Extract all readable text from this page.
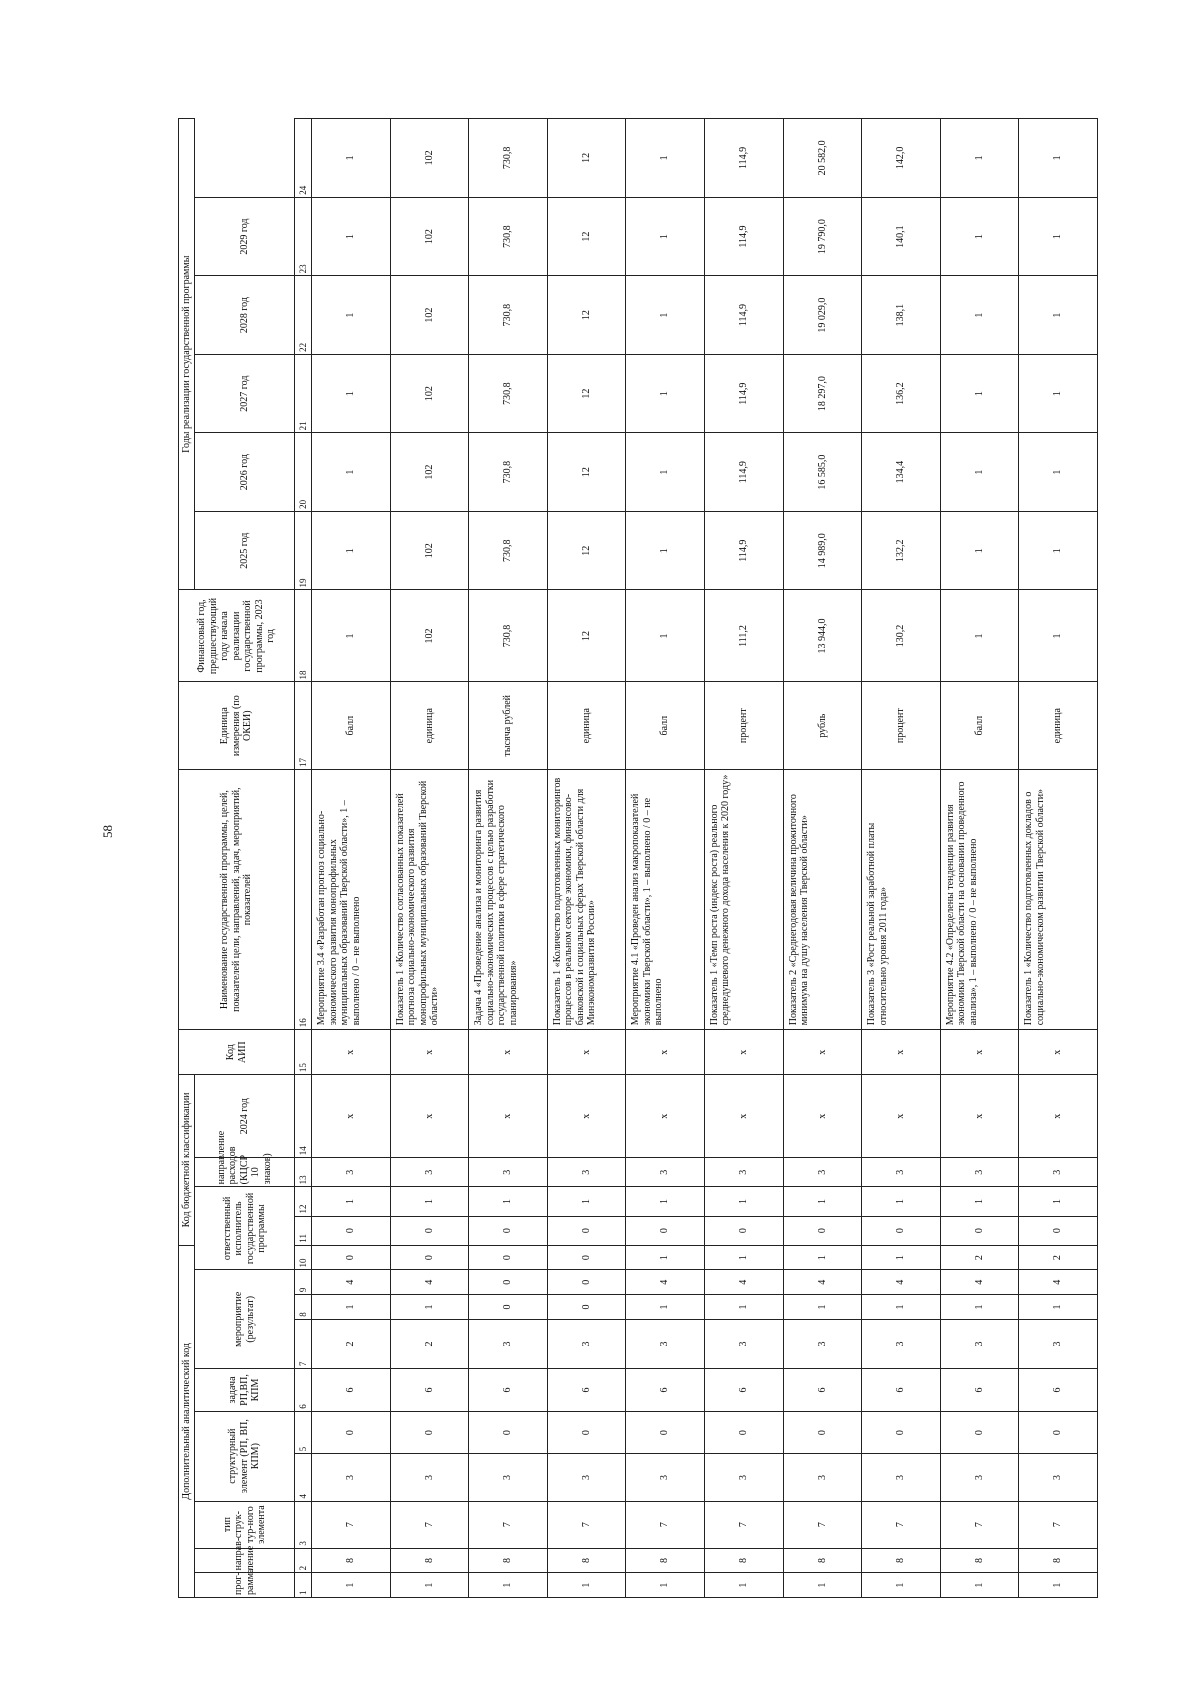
58
Дополнительный аналитический код										Код бюджетной классификации				Код АИП	Наименование государственной программы, целей, показателей цели, направлений, задач, мероприятий, показателей	Единица измерения (по ОКЕИ)	Финансовый год, предшествующий году начала реализации государственной программы, 2023 год	Годы реализации государственной программы					
прог-рамма	направ-ление	тип струк-тур-ного элемента	структурный элемент (РП, ВП, КПМ)		задача РП,ВП, КПМ	мероприятие (результат)			ответственный исполнитель государственной программы			направление расходов (КЦСР 10 знаков)	2024 год					2025 год	2026 год	2027 год	2028 год	2029 год	
1	2	3	4	5	6	7	8	9	10	11	12	13	14	15	16	17	18	19	20	21	22	23	24
1	8	7	3	0	6	2	1	4	0	0	1	3	х	х	Мероприятие 3.4 «Разработан прогноз социально-экономического развития монопрофильных муниципальных образований Тверской области», 1 – выполнено / 0 – не выполнено	балл	1	1	1	1	1	1	1
1	8	7	3	0	6	2	1	4	0	0	1	3	х	х	Показатель 1 «Количество согласованных показателей прогноза социально-экономического развития монопрофильных муниципальных образований Тверской области»	единица	102	102	102	102	102	102	102
1	8	7	3	0	6	3	0	0	0	0	1	3	х	х	Задача 4 «Проведение анализа и мониторинга развития социально-экономических процессов с целью разработки государственной политики в сфере стратегического планирования»	тысяча рублей	730,8	730,8	730,8	730,8	730,8	730,8	730,8
1	8	7	3	0	6	3	0	0	0	0	1	3	х	х	Показатель 1 «Количество подготовленных мониторингов процессов в реальном секторе экономики, финансово-банковской и социальных сферах Тверской области для Минэкономразвития России»	единица	12	12	12	12	12	12	12
1	8	7	3	0	6	3	1	4	1	0	1	3	х	х	Мероприятие 4.1 «Проведен анализ макропоказателей экономики Тверской области», 1 – выполнено / 0 – не выполнено	балл	1	1	1	1	1	1	1
1	8	7	3	0	6	3	1	4	1	0	1	3	х	х	Показатель 1 «Темп роста (индекс роста) реального среднедушевого денежного дохода населения к 2020 году»	процент	111,2	114,9	114,9	114,9	114,9	114,9	114,9
1	8	7	3	0	6	3	1	4	1	0	1	3	х	х	Показатель 2 «Среднегодовая величина прожиточного минимума на душу населения Тверской области»	рубль	13 944,0	14 989,0	16 585,0	18 297,0	19 029,0	19 790,0	20 582,0
1	8	7	3	0	6	3	1	4	1	0	1	3	х	х	Показатель 3 «Рост реальной заработной платы относительно уровня 2011 года»	процент	130,2	132,2	134,4	136,2	138,1	140,1	142,0
1	8	7	3	0	6	3	1	4	2	0	1	3	х	х	Мероприятие 4.2 «Определены тенденции развития экономики Тверской области на основании проведенного анализа», 1 – выполнено / 0 – не выполнено	балл	1	1	1	1	1	1	1
1	8	7	3	0	6	3	1	4	2	0	1	3	х	х	Показатель 1 «Количество подготовленных докладов о социально-экономическом развитии Тверской области»	единица	1	1	1	1	1	1	1
